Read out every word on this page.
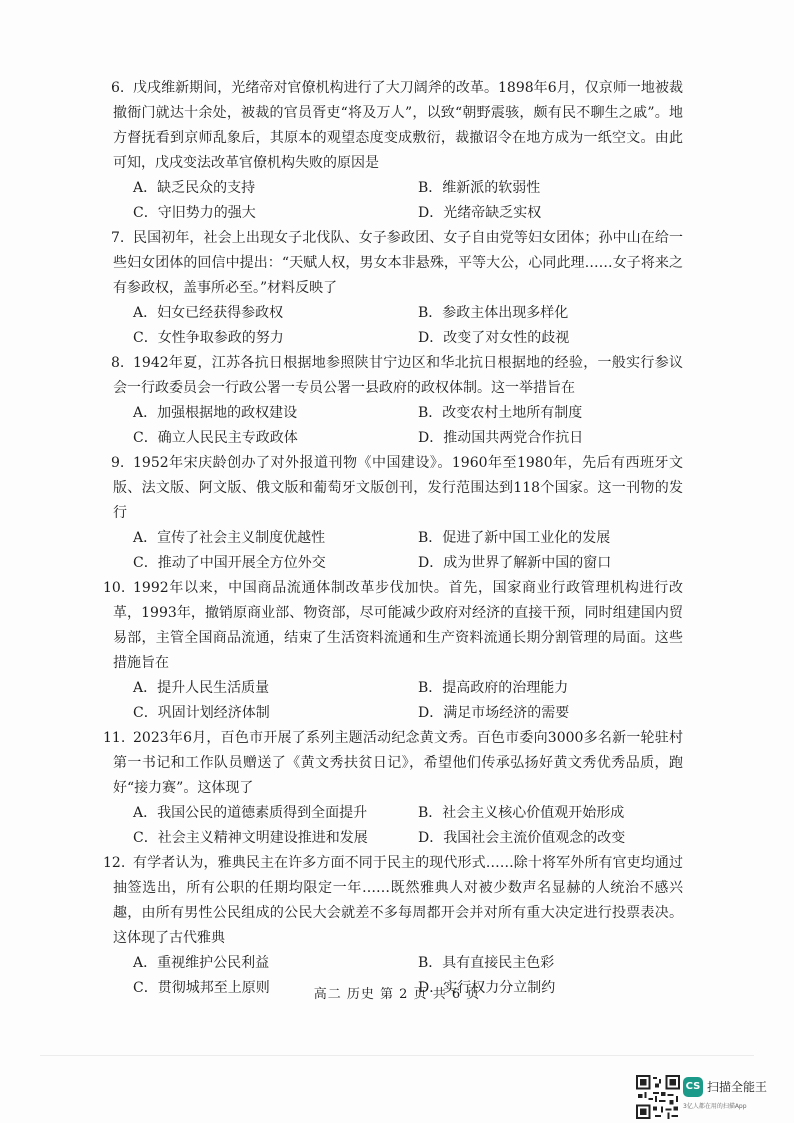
6. 戊戌维新期间，光绪帝对官僚机构进行了大刀阔斧的改革。1898年6月，仅京师一地被裁撤衙门就达十余处，被裁的官员胥吏“将及万人”，以致“朝野震骇，颇有民不聊生之戚”。地方督抚看到京师乱象后，其原本的观望态度变成敷衍，裁撤诏令在地方成为一纸空文。由此可知，戊戌变法改革官僚机构失败的原因是
A．缺乏民众的支持	B．维新派的软弱性
C．守旧势力的强大	D．光绪帝缺乏实权
7. 民国初年，社会上出现女子北伐队、女子参政团、女子自由党等妇女团体；孙中山在给一些妇女团体的回信中提出：“天赋人权，男女本非悬殊，平等大公，心同此理……女子将来之有参政权，盖事所必至。”材料反映了
A．妇女已经获得参政权	B．参政主体出现多样化
C．女性争取参政的努力	D．改变了对女性的歧视
8. 1942年夏，江苏各抗日根据地参照陕甘宁边区和华北抗日根据地的经验，一般实行参议会一行政委员会一行政公署一专员公署一县政府的政权体制。这一举措旨在
A．加强根据地的政权建设	B．改变农村土地所有制度
C．确立人民民主专政政体	D．推动国共两党合作抗日
9. 1952年宋庆龄创办了对外报道刊物《中国建设》。1960年至1980年，先后有西班牙文版、法文版、阿文版、俄文版和葡萄牙文版创刊，发行范围达到118个国家。这一刊物的发行
A．宣传了社会主义制度优越性	B．促进了新中国工业化的发展
C．推动了中国开展全方位外交	D．成为世界了解新中国的窗口
10. 1992年以来，中国商品流通体制改革步伐加快。首先，国家商业行政管理机构进行改革，1993年，撤销原商业部、物资部，尽可能减少政府对经济的直接干预，同时组建国内贸易部，主管全国商品流通，结束了生活资料流通和生产资料流通长期分割管理的局面。这些措施旨在
A．提升人民生活质量	B．提高政府的治理能力
C．巩固计划经济体制	D．满足市场经济的需要
11. 2023年6月，百色市开展了系列主题活动纪念黄文秀。百色市委向3000多名新一轮驻村第一书记和工作队员赠送了《黄文秀扶贫日记》，希望他们传承弘扬好黄文秀优秀品质，跑好“接力赛”。这体现了
A．我国公民的道德素质得到全面提升	B．社会主义核心价值观开始形成
C．社会主义精神文明建设推进和发展	D．我国社会主流价值观念的改变
12. 有学者认为，雅典民主在许多方面不同于民主的现代形式……除十将军外所有官吏均通过抽签选出，所有公职的任期均限定一年……既然雅典人对被少数声名显赫的人统治不感兴趣，由所有男性公民组成的公民大会就差不多每周都开会并对所有重大决定进行投票表决。这体现了古代雅典
A．重视维护公民利益	B．具有直接民主色彩
C．贯彻城邦至上原则	D．实行权力分立制约
高二 历史 第 2 页 共 6 页
CS 扫描全能王
3亿人都在用的扫描App
